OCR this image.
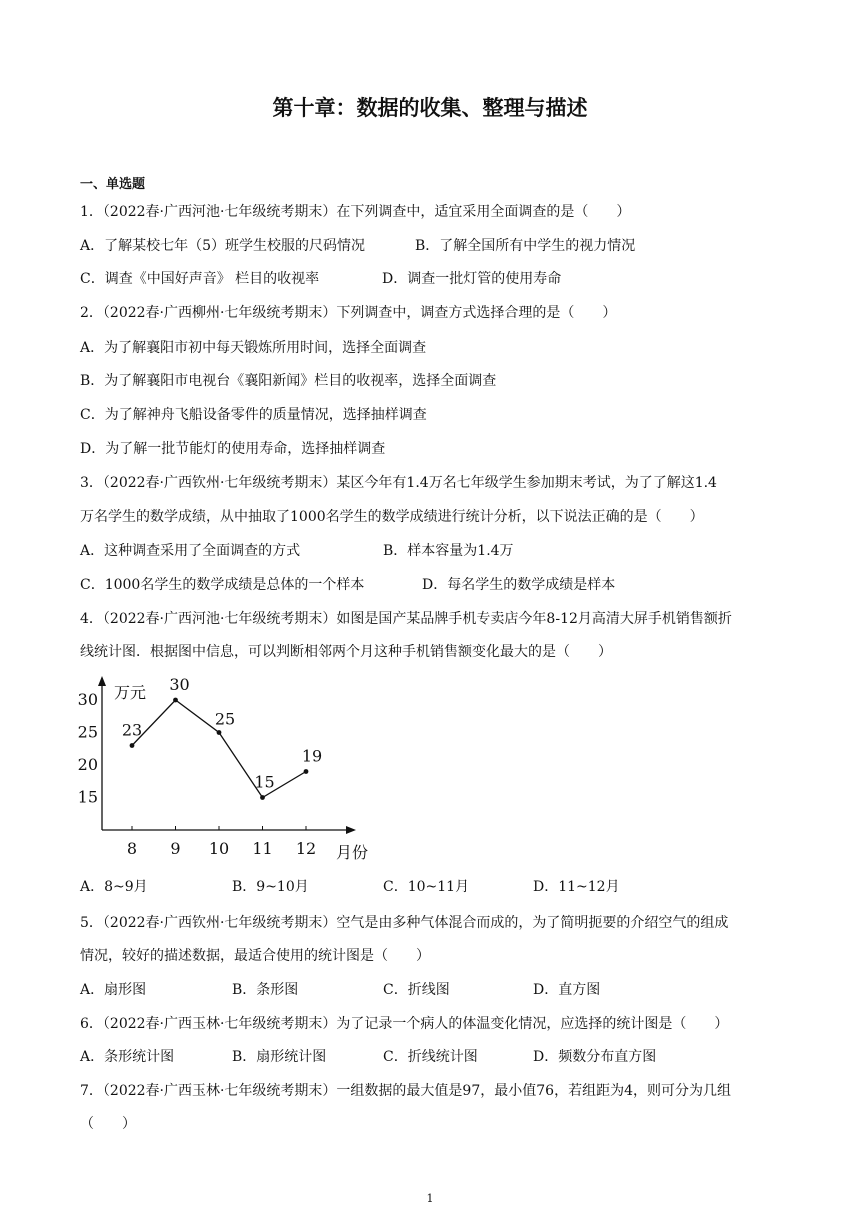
第十章：数据的收集、整理与描述
一、单选题
1．（2022春·广西河池·七年级统考期末）在下列调查中，适宜采用全面调查的是（　　）
A．了解某校七年（5）班学生校服的尺码情况	B．了解全国所有中学生的视力情况
C．调查《中国好声音》 栏目的收视率	D．调查一批灯管的使用寿命
2．（2022春·广西柳州·七年级统考期末）下列调查中，调查方式选择合理的是（　　）
A．为了解襄阳市初中每天锻炼所用时间，选择全面调查
B．为了解襄阳市电视台《襄阳新闻》栏目的收视率，选择全面调查
C．为了解神舟飞船设备零件的质量情况，选择抽样调查
D．为了解一批节能灯的使用寿命，选择抽样调查
3．（2022春·广西钦州·七年级统考期末）某区今年有1.4万名七年级学生参加期末考试，为了了解这1.4
万名学生的数学成绩，从中抽取了1000名学生的数学成绩进行统计分析，以下说法正确的是（　　）
A．这种调查采用了全面调查的方式	B．样本容量为1.4万
C．1000名学生的数学成绩是总体的一个样本	D．每名学生的数学成绩是样本
4．（2022春·广西河池·七年级统考期末）如图是国产某品牌手机专卖店今年8-12月高清大屏手机销售额折
线统计图．根据图中信息，可以判断相邻两个月这种手机销售额变化最大的是（　　）
15
20
25
30
8 9 10 11 12
23
30
25
15
19
万元
月份
A．8~9月	B．9~10月	C．10~11月	D．11~12月
5．（2022春·广西钦州·七年级统考期末）空气是由多种气体混合而成的，为了简明扼要的介绍空气的组成
情况，较好的描述数据，最适合使用的统计图是（　　）
A．扇形图	B．条形图	C．折线图	D．直方图
6．（2022春·广西玉林·七年级统考期末）为了记录一个病人的体温变化情况，应选择的统计图是（　　）
A．条形统计图	B．扇形统计图	C．折线统计图	D．频数分布直方图
7．（2022春·广西玉林·七年级统考期末）一组数据的最大值是97，最小值76，若组距为4，则可分为几组
（　　）
1
